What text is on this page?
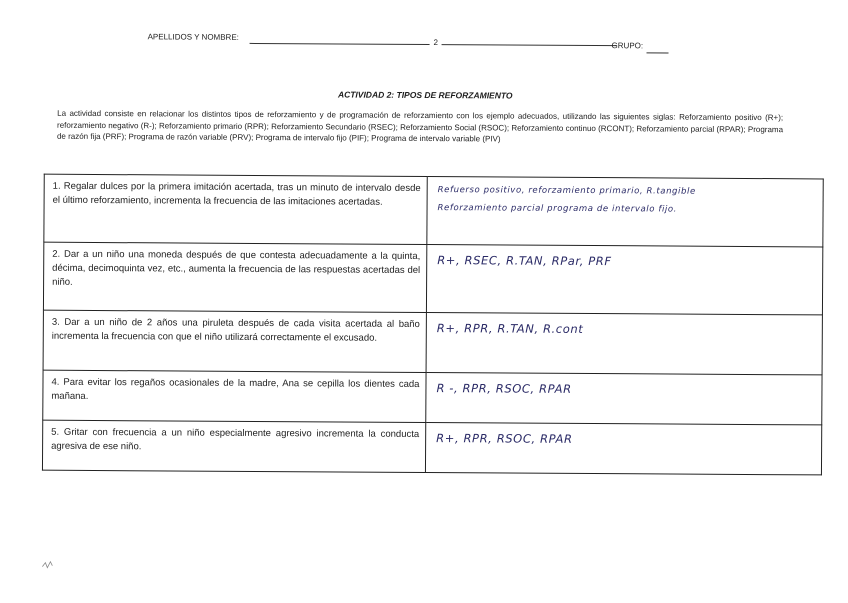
APELLIDOS Y NOMBRE:
2	GRUPO:
ACTIVIDAD 2: TIPOS DE REFORZAMIENTO
La actividad consiste en relacionar los distintos tipos de reforzamiento y de programación de reforzamiento con los ejemplo adecuados, utilizando las siguientes siglas: Reforzamiento positivo (R+); reforzamiento negativo (R-); Reforzamiento primario (RPR); Reforzamiento Secundario (RSEC); Reforzamiento Social (RSOC); Reforzamiento continuo (RCONT); Reforzamiento parcial (RPAR); Programa de razón fija (PRF); Programa de razón variable (PRV); Programa de intervalo fijo (PIF); Programa de intervalo variable (PIV)
1. Regalar dulces por la primera imitación acertada, tras un minuto de intervalo desde el último reforzamiento, incrementa la frecuencia de las imitaciones acertadas.	Refuerso positivo, reforzamiento primario, R.tangible
Reforzamiento parcial programa de intervalo fijo.

2. Dar a un niño una moneda después de que contesta adecuadamente a la quinta, décima, decimoquinta vez, etc., aumenta la frecuencia de las respuestas acertadas del niño.	R+, RSEC, R.TAN, RPar, PRF

3. Dar a un niño de 2 años una piruleta después de cada visita acertada al baño incrementa la frecuencia con que el niño utilizará correctamente el excusado.	R+, RPR, R.TAN, R.cont

4. Para evitar los regaños ocasionales de la madre, Ana se cepilla los dientes cada mañana.	R -, RPR, RSOC, RPAR

5. Gritar con frecuencia a un niño especialmente agresivo incrementa la conducta agresiva de ese niño.	R+, RPR, RSOC, RPAR
